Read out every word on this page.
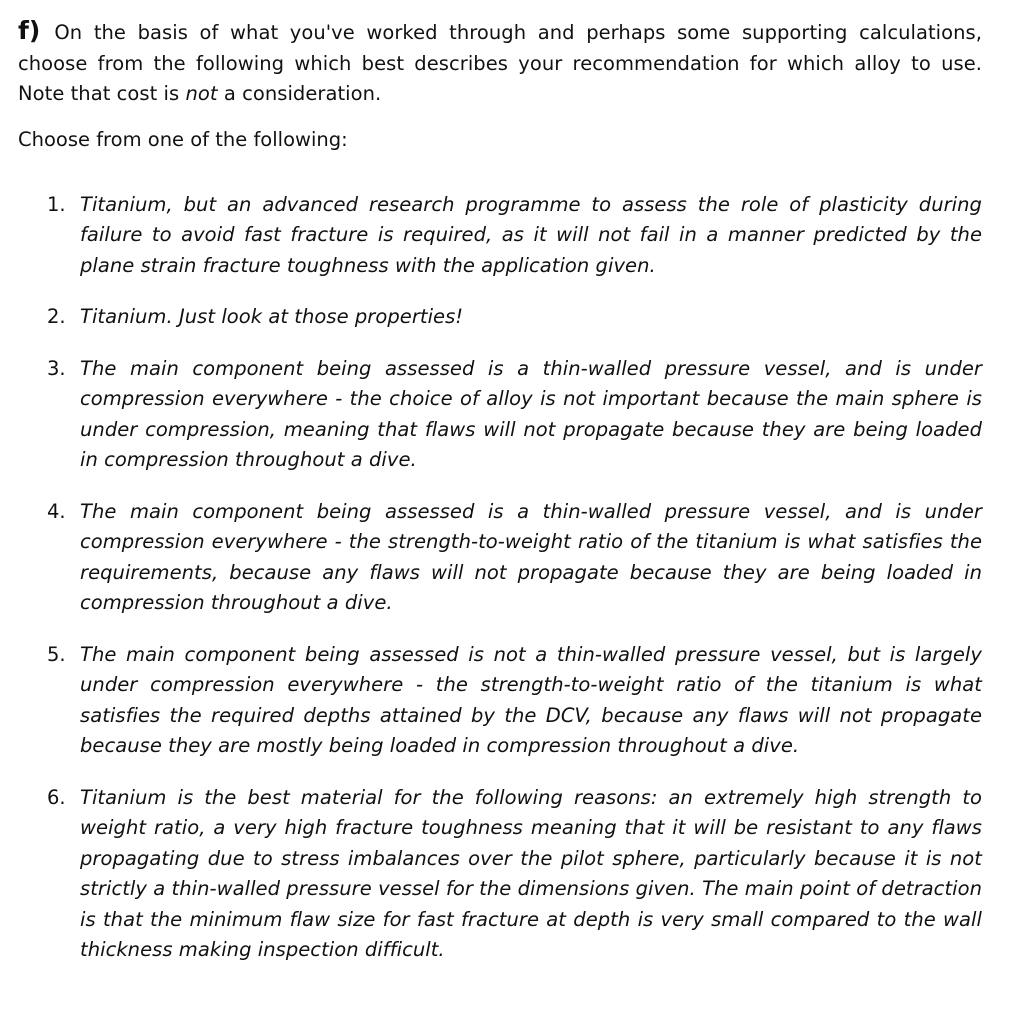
f) On the basis of what you've worked through and perhaps some supporting calculations, choose from the following which best describes your recommendation for which alloy to use. Note that cost is not a consideration.

Choose from one of the following:

1. Titanium, but an advanced research programme to assess the role of plasticity during failure to avoid fast fracture is required, as it will not fail in a manner predicted by the plane strain fracture toughness with the application given.

2. Titanium. Just look at those properties!

3. The main component being assessed is a thin-walled pressure vessel, and is under compression everywhere - the choice of alloy is not important because the main sphere is under compression, meaning that flaws will not propagate because they are being loaded in compression throughout a dive.

4. The main component being assessed is a thin-walled pressure vessel, and is under compression everywhere - the strength-to-weight ratio of the titanium is what satisfies the requirements, because any flaws will not propagate because they are being loaded in compression throughout a dive.

5. The main component being assessed is not a thin-walled pressure vessel, but is largely under compression everywhere - the strength-to-weight ratio of the titanium is what satisfies the required depths attained by the DCV, because any flaws will not propagate because they are mostly being loaded in compression throughout a dive.

6. Titanium is the best material for the following reasons: an extremely high strength to weight ratio, a very high fracture toughness meaning that it will be resistant to any flaws propagating due to stress imbalances over the pilot sphere, particularly because it is not strictly a thin-walled pressure vessel for the dimensions given. The main point of detraction is that the minimum flaw size for fast fracture at depth is very small compared to the wall thickness making inspection difficult.
